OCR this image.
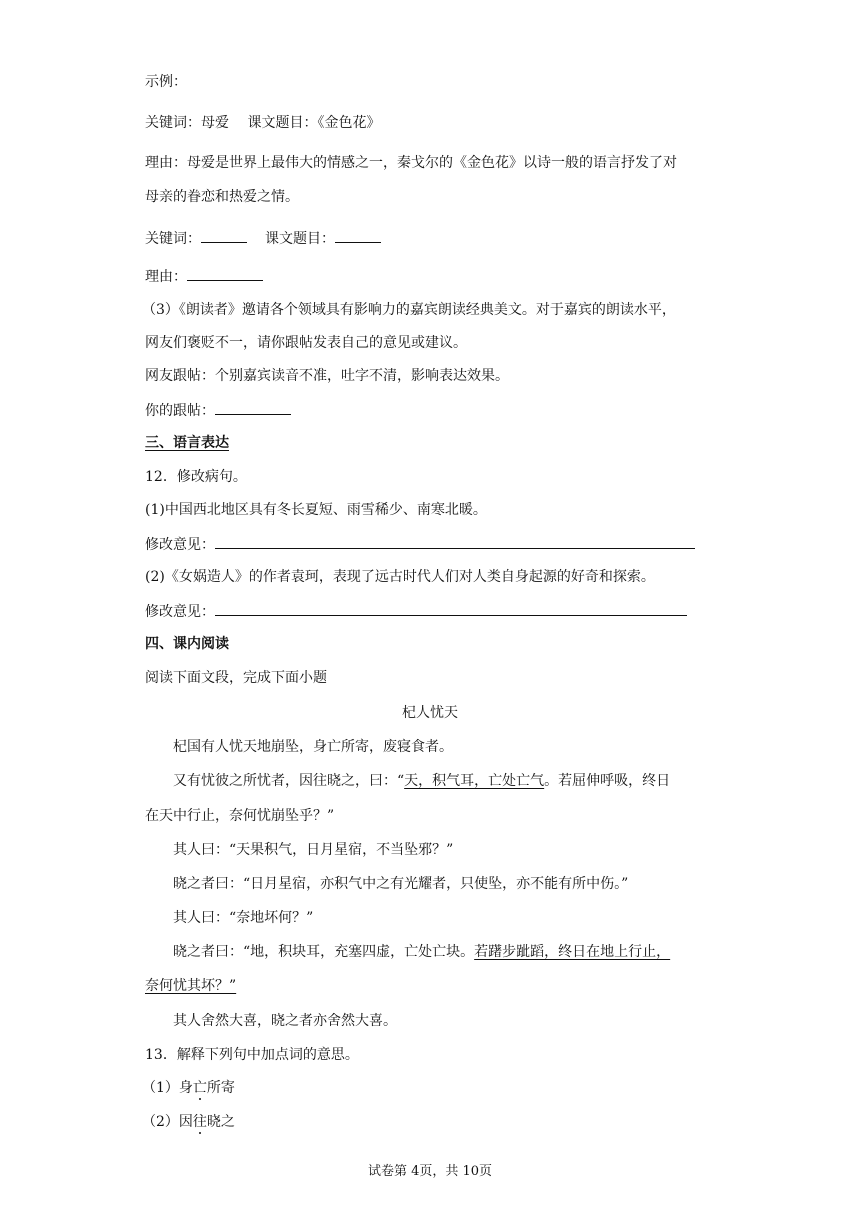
示例：
关键词：母爱　 课文题目：《金色花》
理由：母爱是世界上最伟大的情感之一，秦戈尔的《金色花》以诗一般的语言抒发了对
母亲的眷恋和热爱之情。
关键词：	课文题目：
理由：
（3）《朗读者》邀请各个领域具有影响力的嘉宾朗读经典美文。对于嘉宾的朗读水平，
网友们褒贬不一，请你跟帖发表自己的意见或建议。
网友跟帖：个别嘉宾读音不准，吐字不清，影响表达效果。
你的跟帖：
三、语言表达
12．修改病句。
(1)中国西北地区具有冬长夏短、雨雪稀少、南寒北暖。
修改意见：
(2)《女娲造人》的作者袁珂，表现了远古时代人们对人类自身起源的好奇和探索。
修改意见：
四、课内阅读
阅读下面文段，完成下面小题
杞人忧天
杞国有人忧天地崩坠，身亡所寄，废寝食者。
又有忧彼之所忧者，因往晓之，曰：“天，积气耳，亡处亡气。若屈伸呼吸，终日
在天中行止，奈何忧崩坠乎？”
其人曰：“天果积气，日月星宿，不当坠邪？”
晓之者曰：“日月星宿，亦积气中之有光耀者，只使坠，亦不能有所中伤。”
其人曰：“奈地坏何？”
晓之者曰：“地，积块耳，充塞四虚，亡处亡块。若躇步跐蹈，终日在地上行止，
奈何忧其坏？”
其人舍然大喜，晓之者亦舍然大喜。
13．解释下列句中加点词的意思。
（1）身亡所寄
（2）因往晓之
试卷第 4页，共 10页
